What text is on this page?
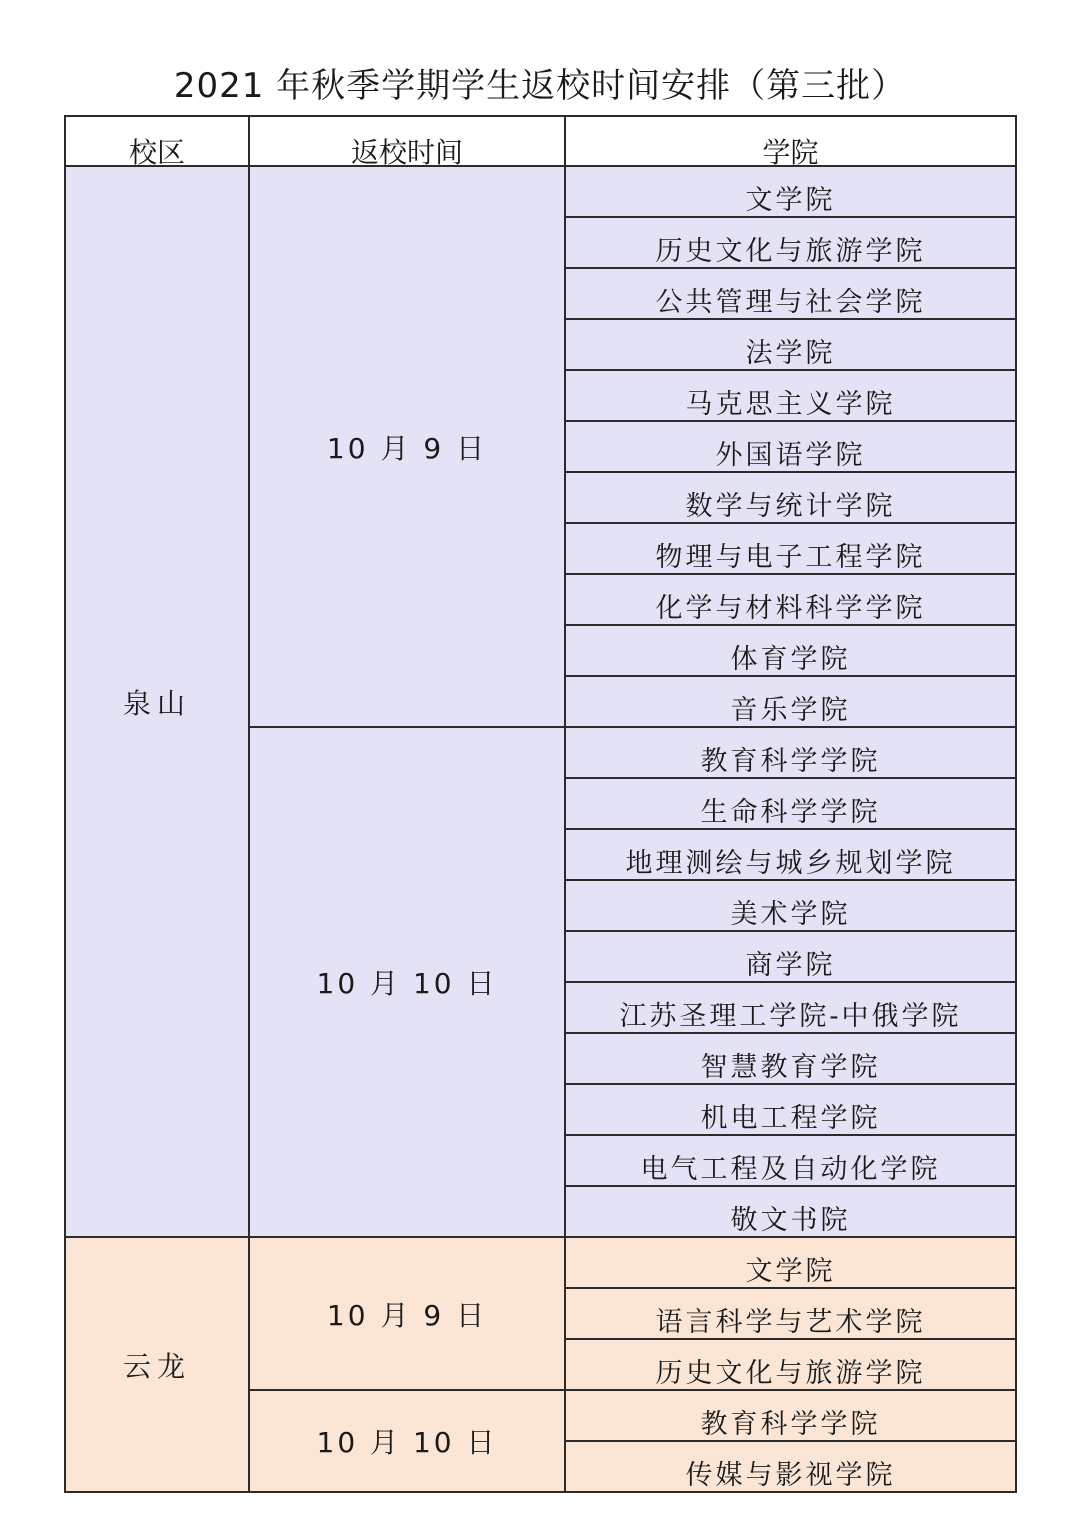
2021 年秋季学期学生返校时间安排（第三批）
校区	返校时间	学院
泉山	10 月 9 日	文学院
		历史文化与旅游学院
		公共管理与社会学院
		法学院
		马克思主义学院
		外国语学院
		数学与统计学院
		物理与电子工程学院
		化学与材料科学学院
		体育学院
		音乐学院
	10 月 10 日	教育科学学院
		生命科学学院
		地理测绘与城乡规划学院
		美术学院
		商学院
		江苏圣理工学院-中俄学院
		智慧教育学院
		机电工程学院
		电气工程及自动化学院
		敬文书院
云龙	10 月 9 日	文学院
		语言科学与艺术学院
		历史文化与旅游学院
	10 月 10 日	教育科学学院
		传媒与影视学院
